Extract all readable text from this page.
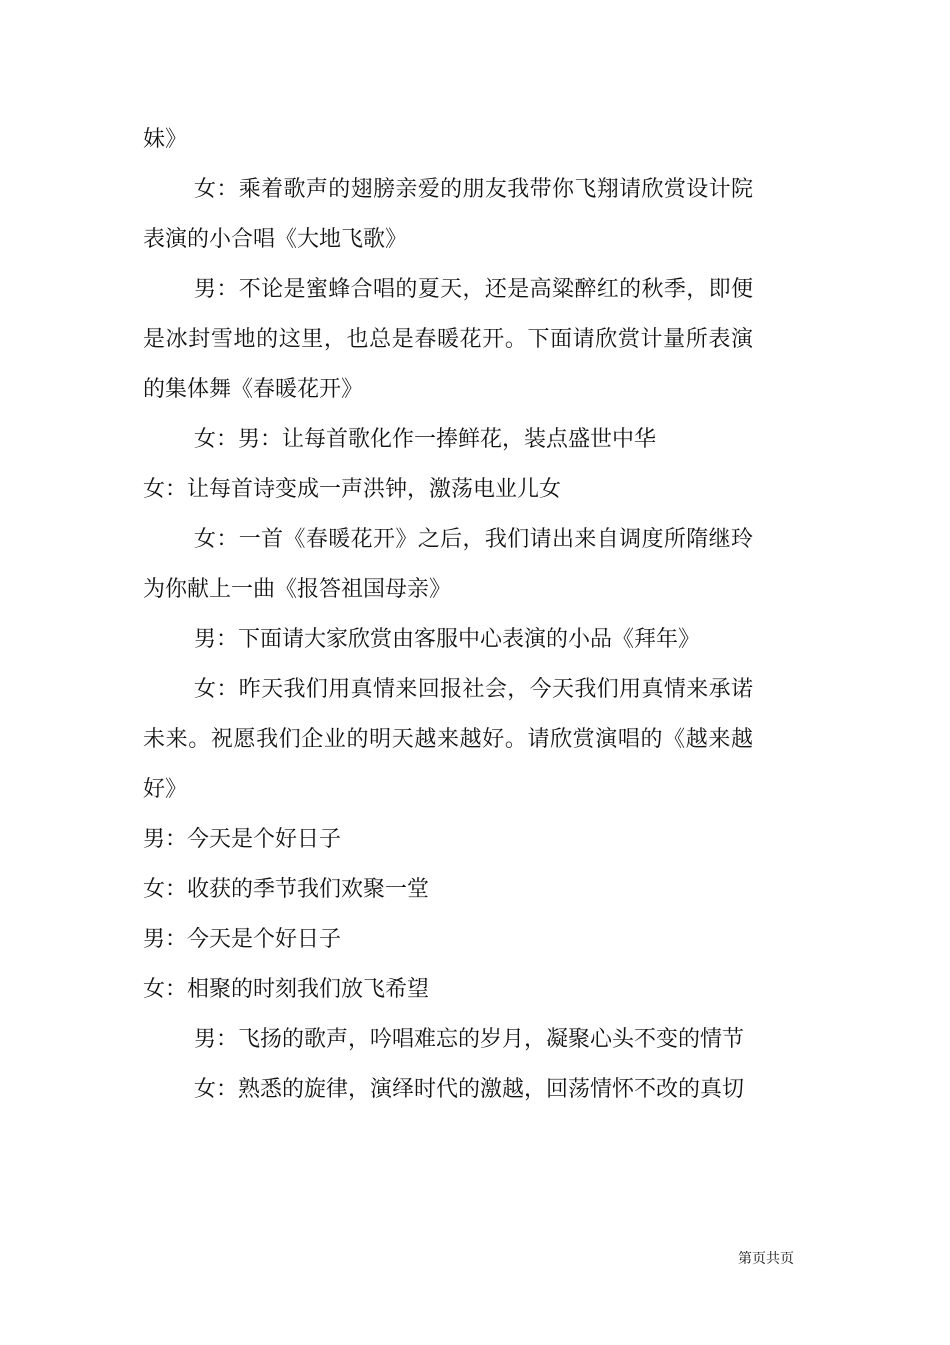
妹》

女：乘着歌声的翅膀亲爱的朋友我带你飞翔请欣赏设计院表演的小合唱《大地飞歌》

男：不论是蜜蜂合唱的夏天，还是高粱醉红的秋季，即便是冰封雪地的这里，也总是春暖花开。下面请欣赏计量所表演的集体舞《春暖花开》

女：男：让每首歌化作一捧鲜花，装点盛世中华

女：让每首诗变成一声洪钟，激荡电业儿女

女：一首《春暖花开》之后，我们请出来自调度所隋继玲为你献上一曲《报答祖国母亲》

男：下面请大家欣赏由客服中心表演的小品《拜年》

女：昨天我们用真情来回报社会，今天我们用真情来承诺未来。祝愿我们企业的明天越来越好。请欣赏演唱的《越来越好》

男：今天是个好日子

女：收获的季节我们欢聚一堂

男：今天是个好日子

女：相聚的时刻我们放飞希望

男：飞扬的歌声，吟唱难忘的岁月，凝聚心头不变的情节

女：熟悉的旋律，演绎时代的激越，回荡情怀不改的真切

第页共页
